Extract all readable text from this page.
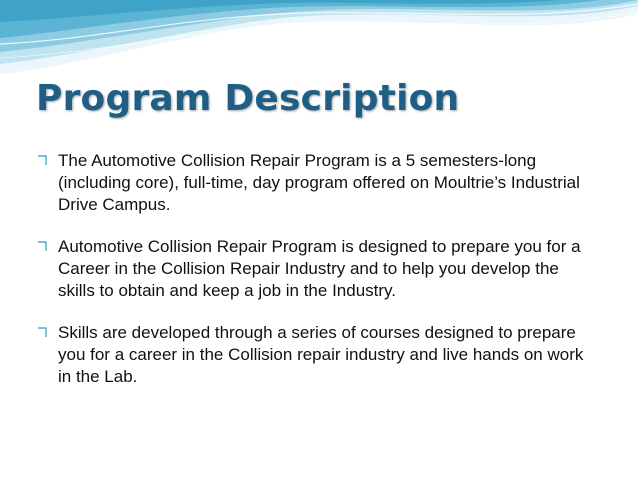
Program Description
The Automotive Collision Repair Program is a 5 semesters-long (including core), full-time, day program offered on Moultrie’s Industrial Drive Campus.
Automotive Collision Repair Program is designed to prepare you for a Career in the Collision Repair Industry and to help you develop the skills to obtain and keep a job in the Industry.
Skills are developed through a series of courses designed to prepare you for a career in the Collision repair industry and live hands on work in the Lab.
